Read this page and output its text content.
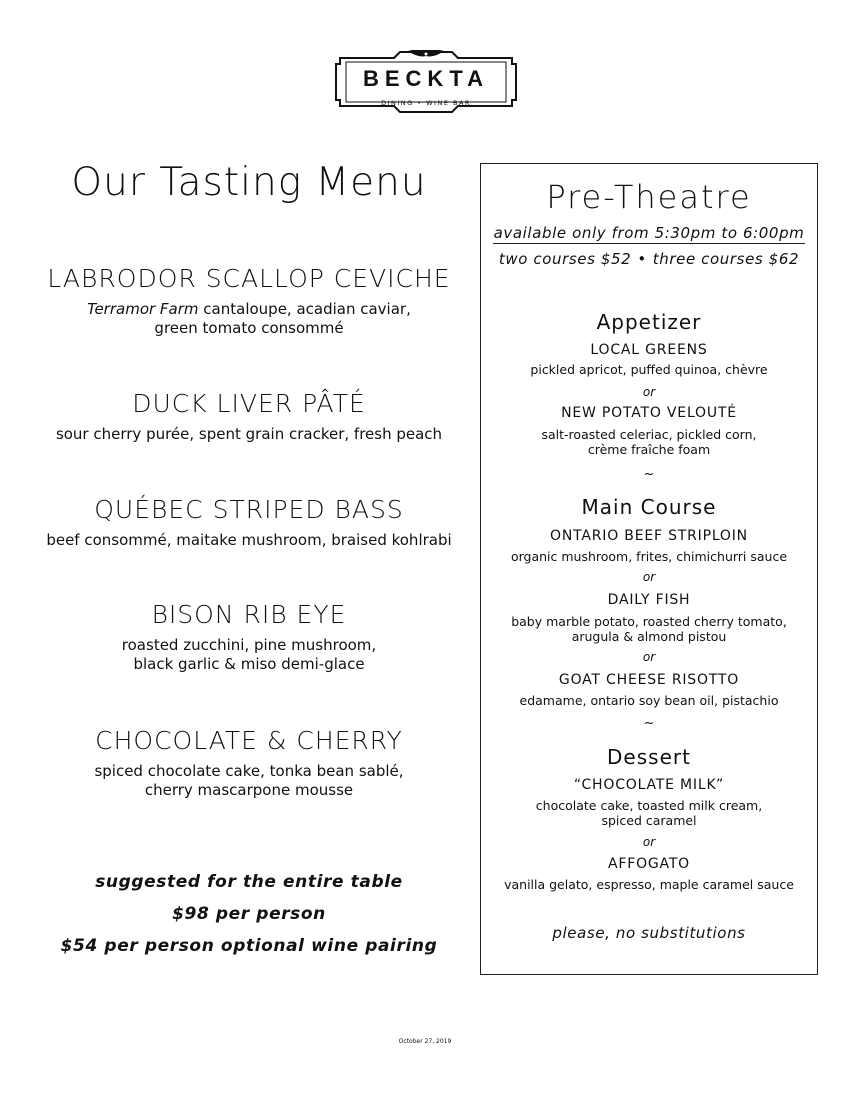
BECKTA
DINING • WINE BAR
Our Tasting Menu
LABRODOR SCALLOP CEVICHE
Terramor Farm cantaloupe, acadian caviar,
green tomato consommé
DUCK LIVER PÂTÉ
sour cherry purée, spent grain cracker, fresh peach
QUÉBEC STRIPED BASS
beef consommé, maitake mushroom, braised kohlrabi
BISON RIB EYE
roasted zucchini, pine mushroom,
black garlic & miso demi-glace
CHOCOLATE & CHERRY
spiced chocolate cake, tonka bean sablé,
cherry mascarpone mousse
suggested for the entire table
$98 per person
$54 per person optional wine pairing
Pre-Theatre
available only from 5:30pm to 6:00pm
two courses $52 • three courses $62
Appetizer
LOCAL GREENS
pickled apricot, puffed quinoa, chèvre
or
NEW POTATO VELOUTÉ
salt-roasted celeriac, pickled corn,
crème fraîche foam
~
Main Course
ONTARIO BEEF STRIPLOIN
organic mushroom, frites, chimichurri sauce
or
DAILY FISH
baby marble potato, roasted cherry tomato,
arugula & almond pistou
or
GOAT CHEESE RISOTTO
edamame, ontario soy bean oil, pistachio
~
Dessert
“CHOCOLATE MILK”
chocolate cake, toasted milk cream,
spiced caramel
or
AFFOGATO
vanilla gelato, espresso, maple caramel sauce
please, no substitutions
October 27, 2019
